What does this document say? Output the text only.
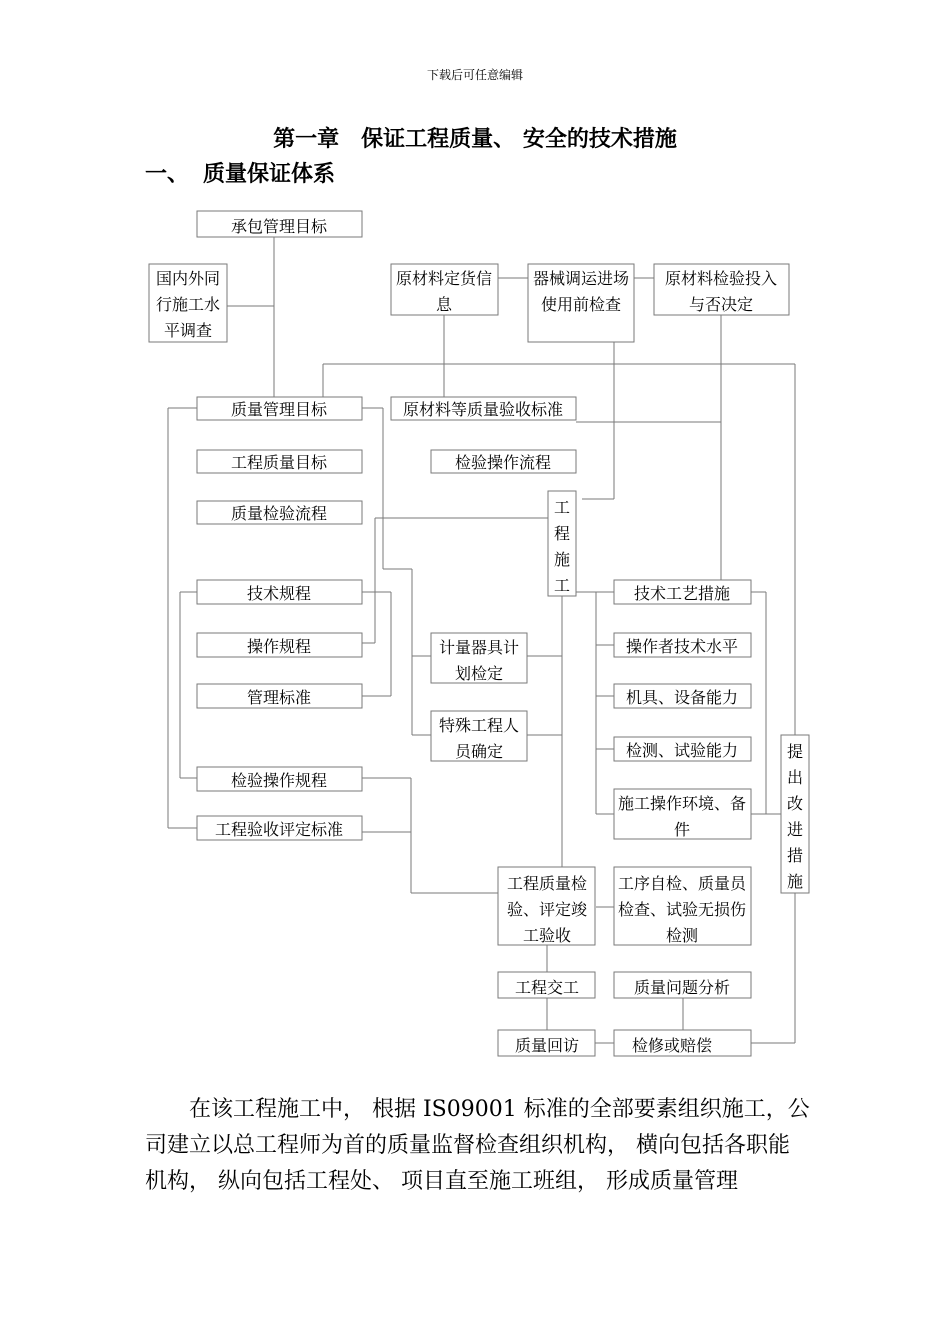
下载后可任意编辑
第一章　保证工程质量、 安全的技术措施
一、 质量保证体系
承包管理目标
国内外同
行施工水
平调查
原材料定货信
息
器械调运进场
使用前检查
原材料检验投入
与否决定
质量管理目标	原材料等质量验收标准
工程质量目标	检验操作流程
质量检验流程	工
程
施
工
技术规程	技术工艺措施
操作规程	计量器具计
划检定
操作者技术水平
管理标准	机具、设备能力
特殊工程人
员确定	检测、试验能力	提
出
改
进
措
施
检验操作规程
施工操作环境、备
件
工程验收评定标准
工程质量检
验、评定竣
工验收
工序自检、质量员
检查、试验无损伤
检测
工程交工	质量问题分析
质量回访	检修或赔偿

在该工程施工中， 根据 IS09001 标准的全部要素组织施工，公司建立以总工程师为首的质量监督检查组织机构， 横向包括各职能机构， 纵向包括工程处、 项目直至施工班组， 形成质量管理
